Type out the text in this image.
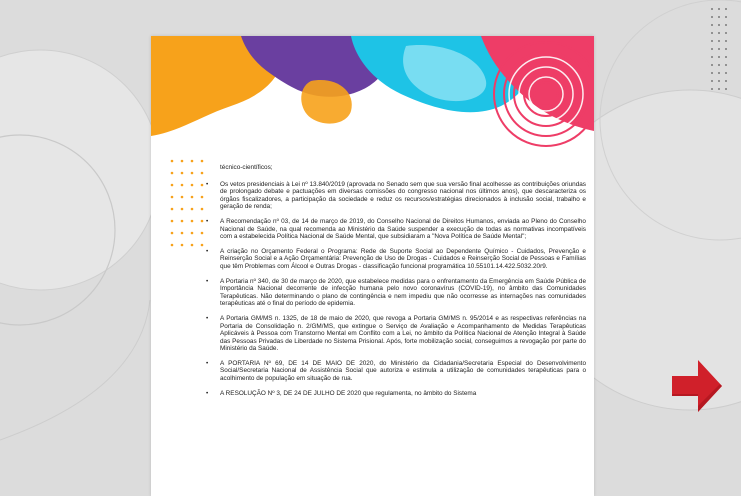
técnico-científicos;

• Os vetos presidenciais à Lei nº 13.840/2019 (aprovada no Senado sem que sua versão final acolhesse as contribuições oriundas de prolongado debate e pactuações em diversas comissões do congresso nacional nos últimos anos), que descaracteriza os órgãos fiscalizadores, a participação da sociedade e reduz os recursos/estratégias direcionados à inclusão social, trabalho e geração de renda;
• A Recomendação nº 03, de 14 de março de 2019, do Conselho Nacional de Direitos Humanos, enviada ao Pleno do Conselho Nacional de Saúde, na qual recomenda ao Ministério da Saúde suspender a execução de todas as normativas incompatíveis com a estabelecida Política Nacional de Saúde Mental, que subsidiaram a "Nova Política de Saúde Mental";
• A criação no Orçamento Federal o Programa: Rede de Suporte Social ao Dependente Químico - Cuidados, Prevenção e Reinserção Social e a Ação Orçamentária: Prevenção de Uso de Drogas - Cuidados e Reinserção Social de Pessoas e Famílias que têm Problemas com Álcool e Outras Drogas - classificação funcional programática 10.55101.14.422.5032.20r9.
• A Portaria nº 340, de 30 de março de 2020, que estabelece medidas para o enfrentamento da Emergência em Saúde Pública de Importância Nacional decorrente de infecção humana pelo novo coronavírus (COVID-19), no âmbito das Comunidades Terapêuticas. Não determinando o plano de contingência e nem impediu que não ocorresse as internações nas comunidades terapêuticas até o final do período de epidemia.
• A Portaria GM/MS n. 1325, de 18 de maio de 2020, que revoga a Portaria GM/MS n. 95/2014 e as respectivas referências na Portaria de Consolidação n. 2/GM/MS, que extingue o Serviço de Avaliação e Acompanhamento de Medidas Terapêuticas Aplicáveis à Pessoa com Transtorno Mental em Conflito com a Lei, no âmbito da Política Nacional de Atenção Integral à Saúde das Pessoas Privadas de Liberdade no Sistema Prisional. Após, forte mobilização social, conseguimos a revogação por parte do Ministério da Saúde.
• A PORTARIA Nº 69, DE 14 DE MAIO DE 2020, do Ministério da Cidadania/Secretaria Especial do Desenvolvimento Social/Secretaria Nacional de Assistência Social que autoriza e estimula a utilização de comunidades terapêuticas para o acolhimento de população em situação de rua.
• A RESOLUÇÃO Nº 3, DE 24 DE JULHO DE 2020 que regulamenta, no âmbito do Sistema
